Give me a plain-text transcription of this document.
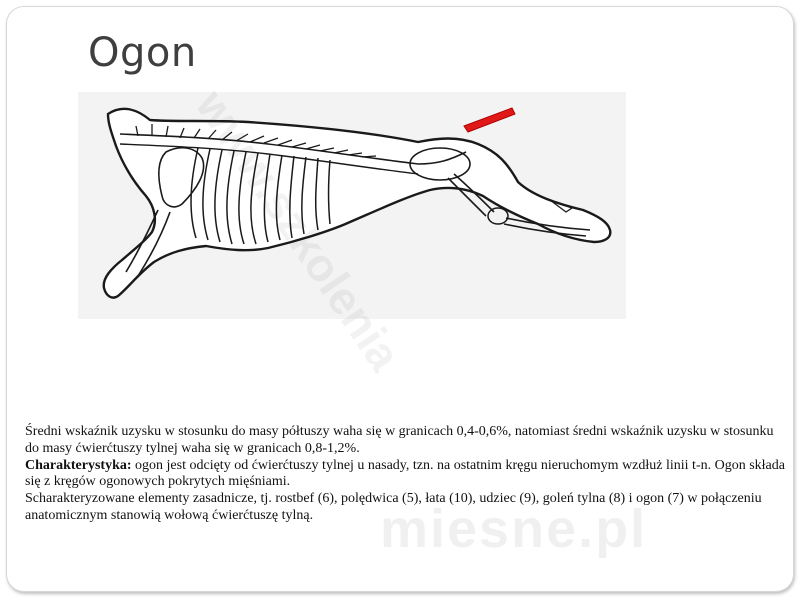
Ogon
www.szkolenia
miesne.pl

Średni wskaźnik uzysku w stosunku do masy półtuszy waha się w granicach 0,4-0,6%, natomiast średni wskaźnik uzysku w stosunku do masy ćwierćtuszy tylnej waha się w granicach 0,8-1,2%.

Charakterystyka: ogon jest odcięty od ćwierćtuszy tylnej u nasady, tzn. na ostatnim kręgu nieruchomym wzdłuż linii t-n. Ogon składa się z kręgów ogonowych pokrytych mięśniami.

Scharakteryzowane elementy zasadnicze, tj. rostbef (6), polędwica (5), łata (10), udziec (9), goleń tylna (8) i ogon (7) w połączeniu anatomicznym stanowią wołową ćwierćtuszę tylną.
